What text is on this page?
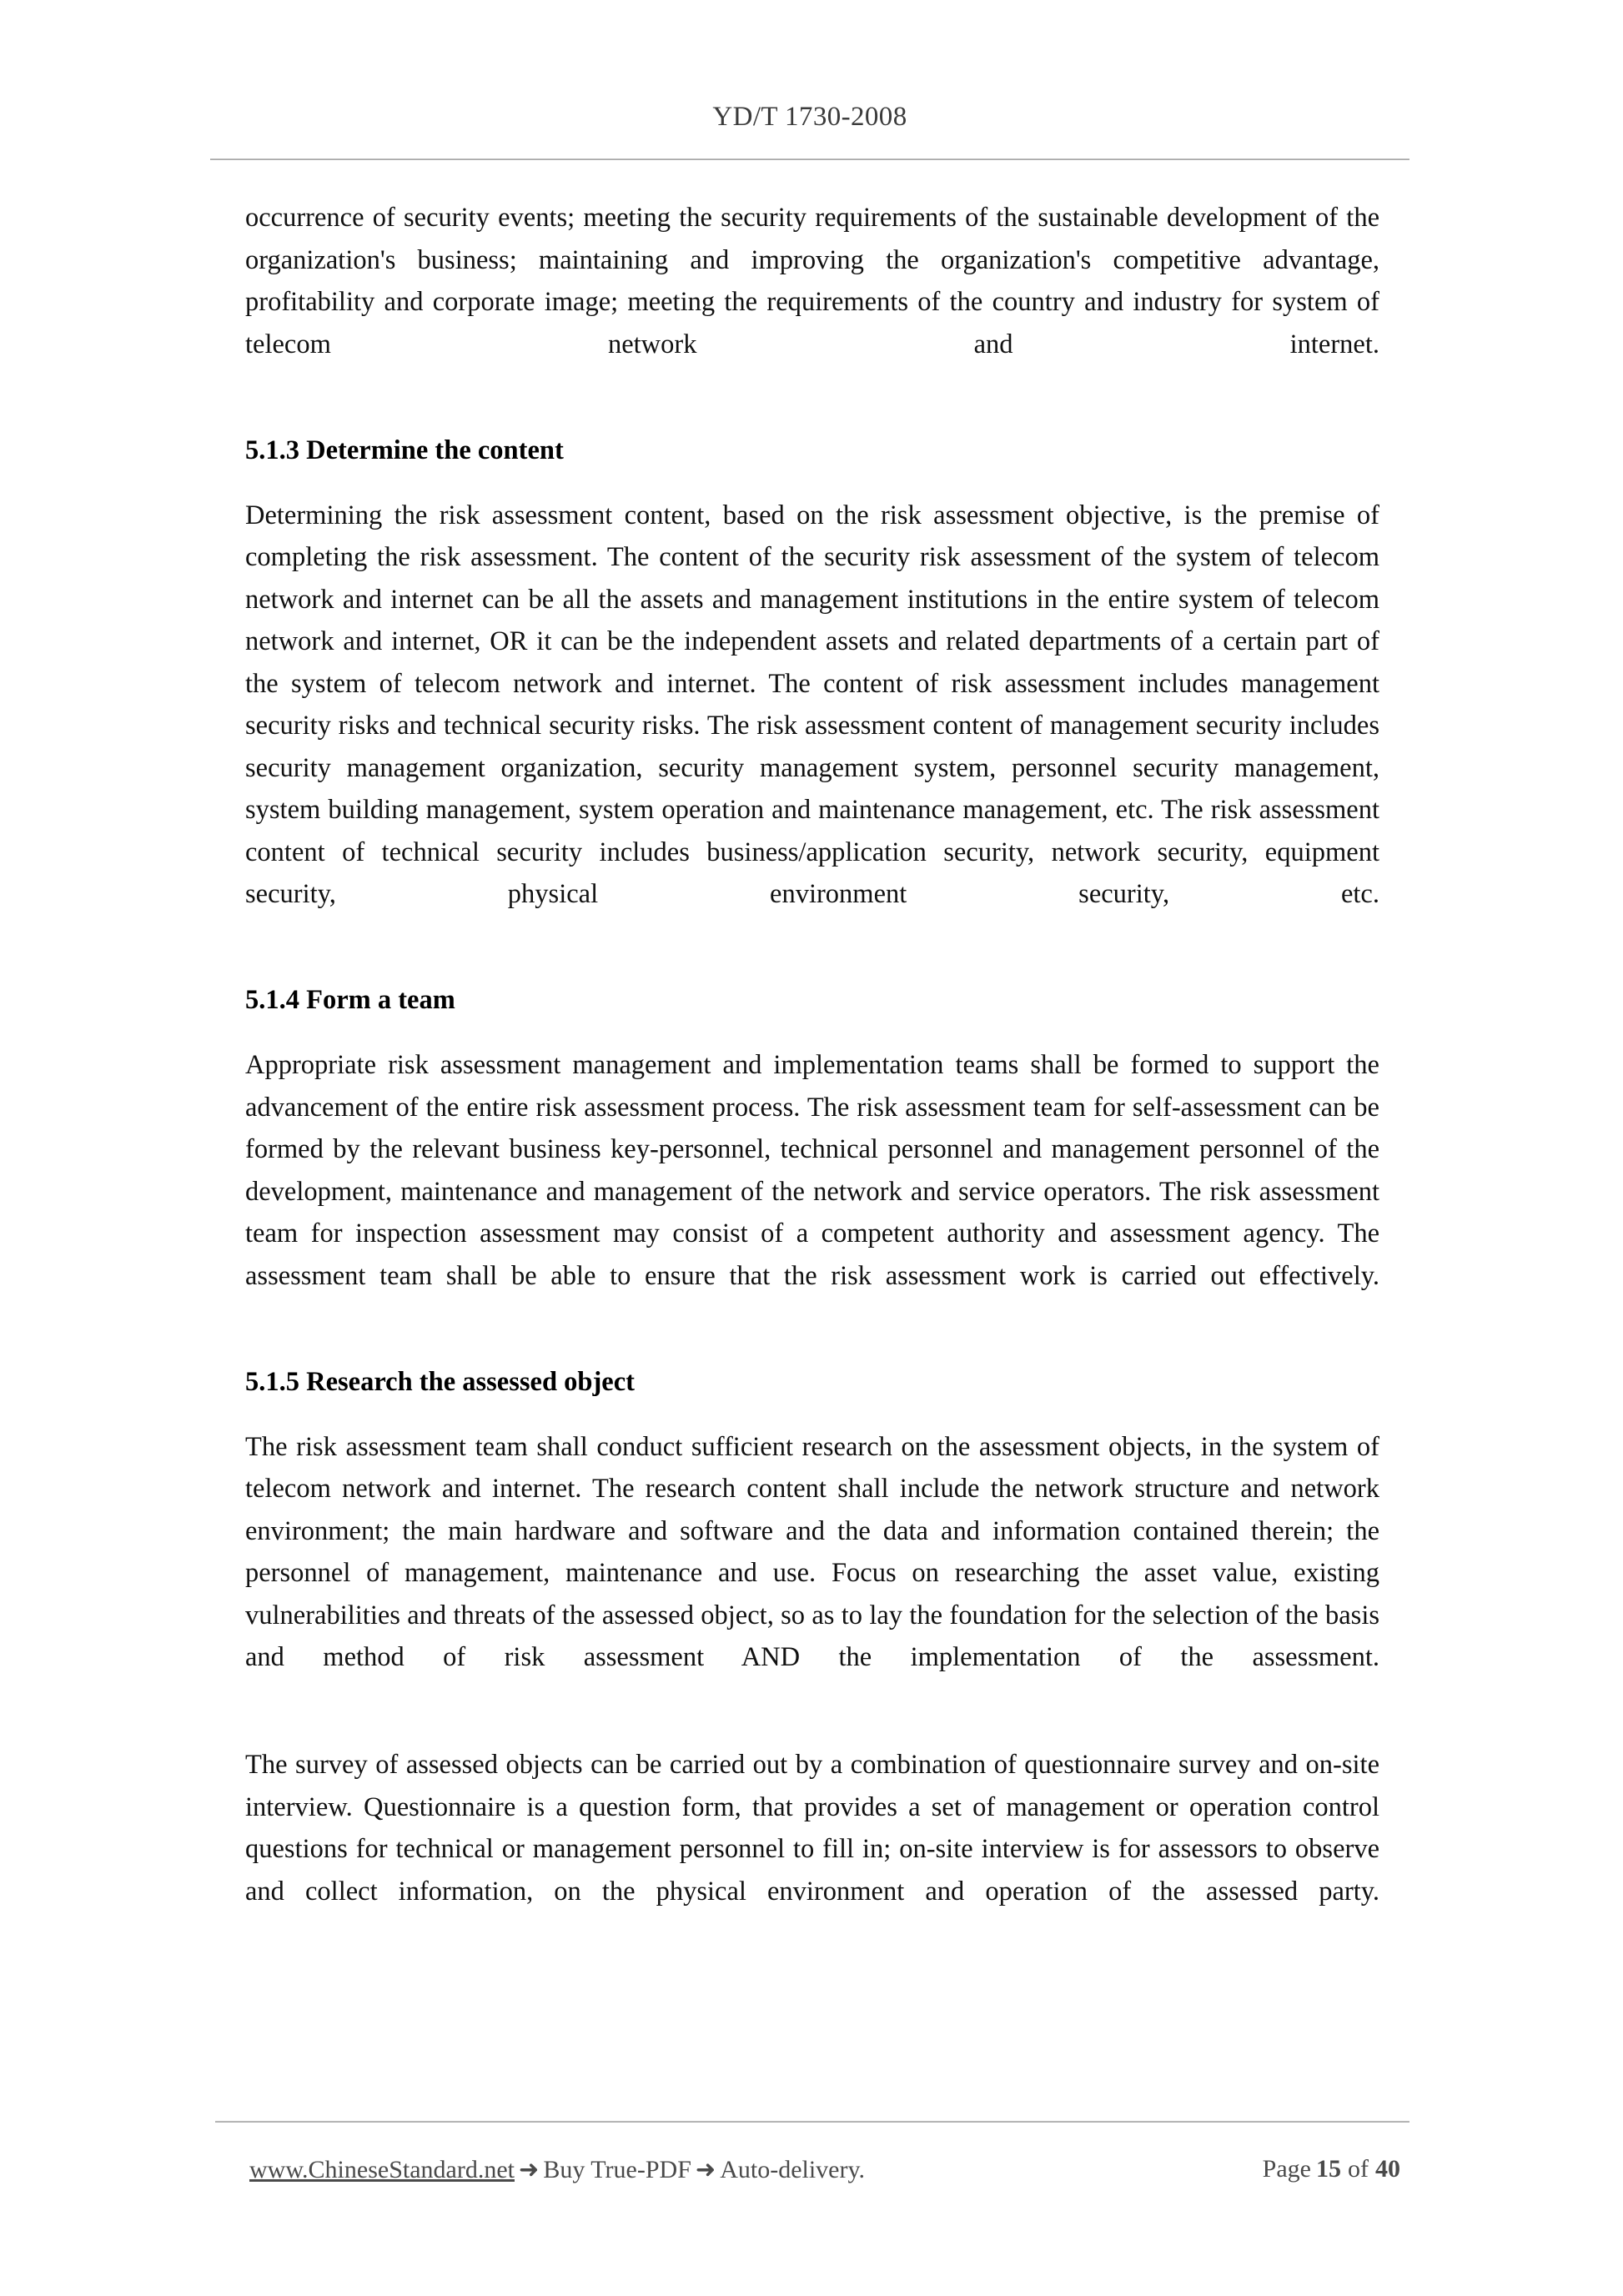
YD/T 1730-2008

occurrence of security events; meeting the security requirements of the sustainable development of the organization's business; maintaining and improving the organization's competitive advantage, profitability and corporate image; meeting the requirements of the country and industry for system of telecom network and internet.

5.1.3 Determine the content

Determining the risk assessment content, based on the risk assessment objective, is the premise of completing the risk assessment. The content of the security risk assessment of the system of telecom network and internet can be all the assets and management institutions in the entire system of telecom network and internet, OR it can be the independent assets and related departments of a certain part of the system of telecom network and internet. The content of risk assessment includes management security risks and technical security risks. The risk assessment content of management security includes security management organization, security management system, personnel security management, system building management, system operation and maintenance management, etc. The risk assessment content of technical security includes business/application security, network security, equipment security, physical environment security, etc.

5.1.4 Form a team

Appropriate risk assessment management and implementation teams shall be formed to support the advancement of the entire risk assessment process. The risk assessment team for self-assessment can be formed by the relevant business key-personnel, technical personnel and management personnel of the development, maintenance and management of the network and service operators. The risk assessment team for inspection assessment may consist of a competent authority and assessment agency. The assessment team shall be able to ensure that the risk assessment work is carried out effectively.

5.1.5 Research the assessed object

The risk assessment team shall conduct sufficient research on the assessment objects, in the system of telecom network and internet. The research content shall include the network structure and network environment; the main hardware and software and the data and information contained therein; the personnel of management, maintenance and use. Focus on researching the asset value, existing vulnerabilities and threats of the assessed object, so as to lay the foundation for the selection of the basis and method of risk assessment AND the implementation of the assessment.

The survey of assessed objects can be carried out by a combination of questionnaire survey and on-site interview. Questionnaire is a question form, that provides a set of management or operation control questions for technical or management personnel to fill in; on-site interview is for assessors to observe and collect information, on the physical environment and operation of the assessed party.

www.ChineseStandard.net ➜ Buy True-PDF ➜ Auto-delivery.	Page 15 of 40
